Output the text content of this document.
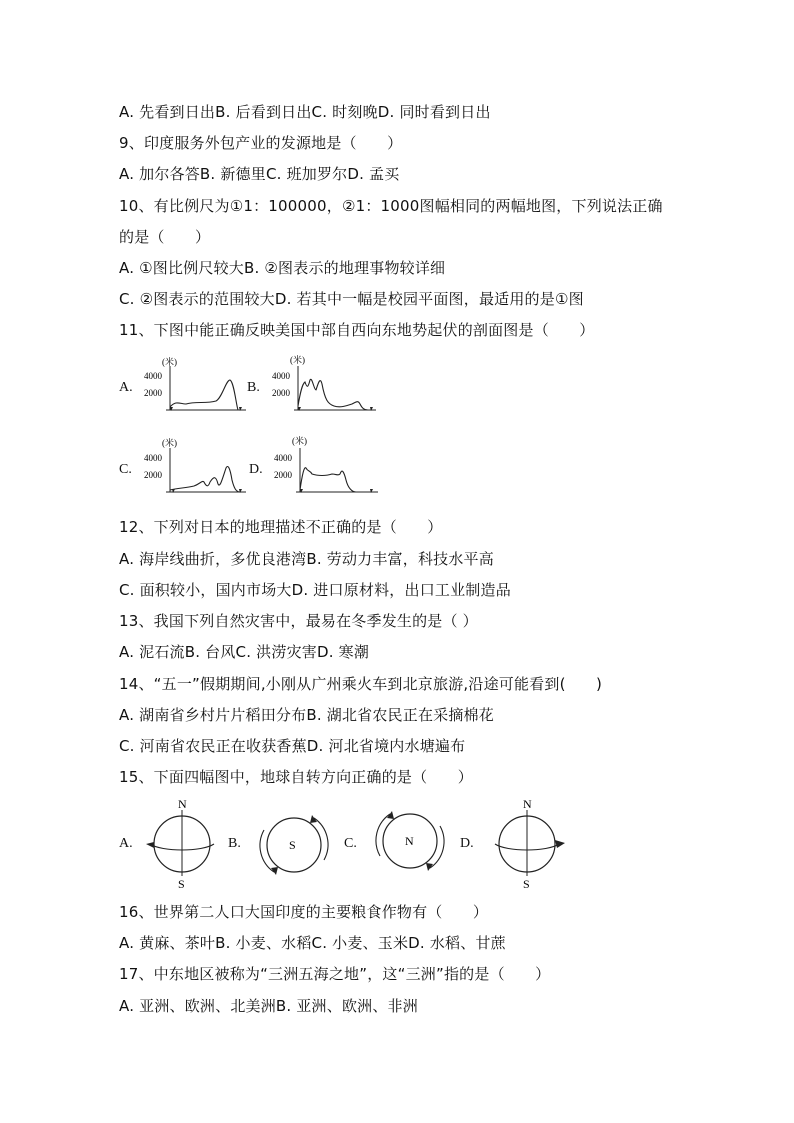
A. 先看到日出B. 后看到日出C. 时刻晚D. 同时看到日出
9、印度服务外包产业的发源地是（　　）
A. 加尔各答B. 新德里C. 班加罗尔D. 孟买
10、有比例尺为①1：100000，②1：1000图幅相同的两幅地图，下列说法正确
的是（　　）
A. ①图比例尺较大B. ②图表示的地理事物较详细
C. ②图表示的范围较大D. 若其中一幅是校园平面图，最适用的是①图
11、下图中能正确反映美国中部自西向东地势起伏的剖面图是（　　）
A.	B.
C.	D.
(米)
4000
2000
(米)
4000
2000
(米)
4000
2000
(米)
4000
2000
12、下列对日本的地理描述不正确的是（　　）
A. 海岸线曲折，多优良港湾B. 劳动力丰富，科技水平高
C. 面积较小，国内市场大D. 进口原材料，出口工业制造品
13、我国下列自然灾害中，最易在冬季发生的是（ ）
A. 泥石流B. 台风C. 洪涝灾害D. 寒潮
14、“五一”假期期间,小刚从广州乘火车到北京旅游,沿途可能看到(　　)
A. 湖南省乡村片片稻田分布B. 湖北省农民正在采摘棉花
C. 河南省农民正在收获香蕉D. 河北省境内水塘遍布
15、下面四幅图中，地球自转方向正确的是（　　）
A.	B.	C.	D.
N
S
S	N
N
S
16、世界第二人口大国印度的主要粮食作物有（　　）
A. 黄麻、茶叶B. 小麦、水稻C. 小麦、玉米D. 水稻、甘蔗
17、中东地区被称为“三洲五海之地”，这“三洲”指的是（　　）
A. 亚洲、欧洲、北美洲B. 亚洲、欧洲、非洲
